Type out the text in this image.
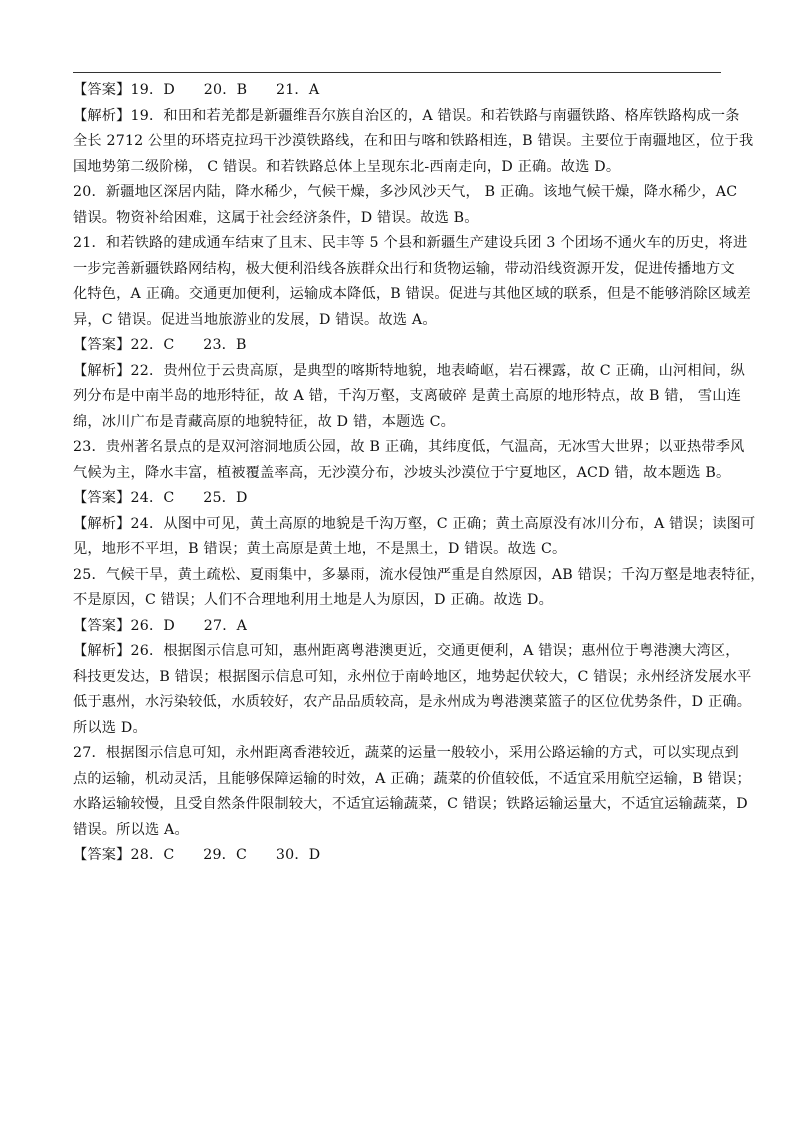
【答案】19．D　　20．B　　21．A
【解析】19．和田和若羌都是新疆维吾尔族自治区的，A 错误。和若铁路与南疆铁路、格库铁路构成一条
全长 2712 公里的环塔克拉玛干沙漠铁路线，在和田与喀和铁路相连，B 错误。主要位于南疆地区，位于我
国地势第二级阶梯， C 错误。和若铁路总体上呈现东北-西南走向，D 正确。故选 D。
20．新疆地区深居内陆，降水稀少，气候干燥，多沙风沙天气， B 正确。该地气候干燥，降水稀少，AC
错误。物资补给困难，这属于社会经济条件，D 错误。故选 B。
21．和若铁路的建成通车结束了且末、民丰等 5 个县和新疆生产建设兵团 3 个团场不通火车的历史，将进
一步完善新疆铁路网结构，极大便利沿线各族群众出行和货物运输，带动沿线资源开发，促进传播地方文
化特色，A 正确。交通更加便利，运输成本降低，B 错误。促进与其他区域的联系，但是不能够消除区域差
异，C 错误。促进当地旅游业的发展，D 错误。故选 A。
【答案】22．C　　23．B
【解析】22．贵州位于云贵高原，是典型的喀斯特地貌，地表崎岖，岩石裸露，故 C 正确，山河相间，纵
列分布是中南半岛的地形特征，故 A 错，千沟万壑，支离破碎 是黄土高原的地形特点，故 B 错， 雪山连
绵，冰川广布是青藏高原的地貌特征，故 D 错，本题选 C。
23．贵州著名景点的是双河溶洞地质公园，故 B 正确，其纬度低，气温高，无冰雪大世界；以亚热带季风
气候为主，降水丰富，植被覆盖率高，无沙漠分布，沙坡头沙漠位于宁夏地区，ACD 错，故本题选 B。
【答案】24．C　　25．D
【解析】24．从图中可见，黄土高原的地貌是千沟万壑，C 正确；黄土高原没有冰川分布，A 错误；读图可
见，地形不平坦，B 错误；黄土高原是黄土地，不是黑土，D 错误。故选 C。
25．气候干旱，黄土疏松、夏雨集中，多暴雨，流水侵蚀严重是自然原因，AB 错误；千沟万壑是地表特征，
不是原因，C 错误；人们不合理地利用土地是人为原因，D 正确。故选 D。
【答案】26．D　　27．A
【解析】26．根据图示信息可知，惠州距离粤港澳更近，交通更便利，A 错误；惠州位于粤港澳大湾区，
科技更发达，B 错误；根据图示信息可知，永州位于南岭地区，地势起伏较大，C 错误；永州经济发展水平
低于惠州，水污染较低，水质较好，农产品品质较高，是永州成为粤港澳菜篮子的区位优势条件，D 正确。
所以选 D。
27．根据图示信息可知，永州距离香港较近，蔬菜的运量一般较小，采用公路运输的方式，可以实现点到
点的运输，机动灵活，且能够保障运输的时效，A 正确；蔬菜的价值较低，不适宜采用航空运输，B 错误；
水路运输较慢，且受自然条件限制较大，不适宜运输蔬菜，C 错误；铁路运输运量大，不适宜运输蔬菜，D
错误。所以选 A。
【答案】28．C　　29．C　　30．D
